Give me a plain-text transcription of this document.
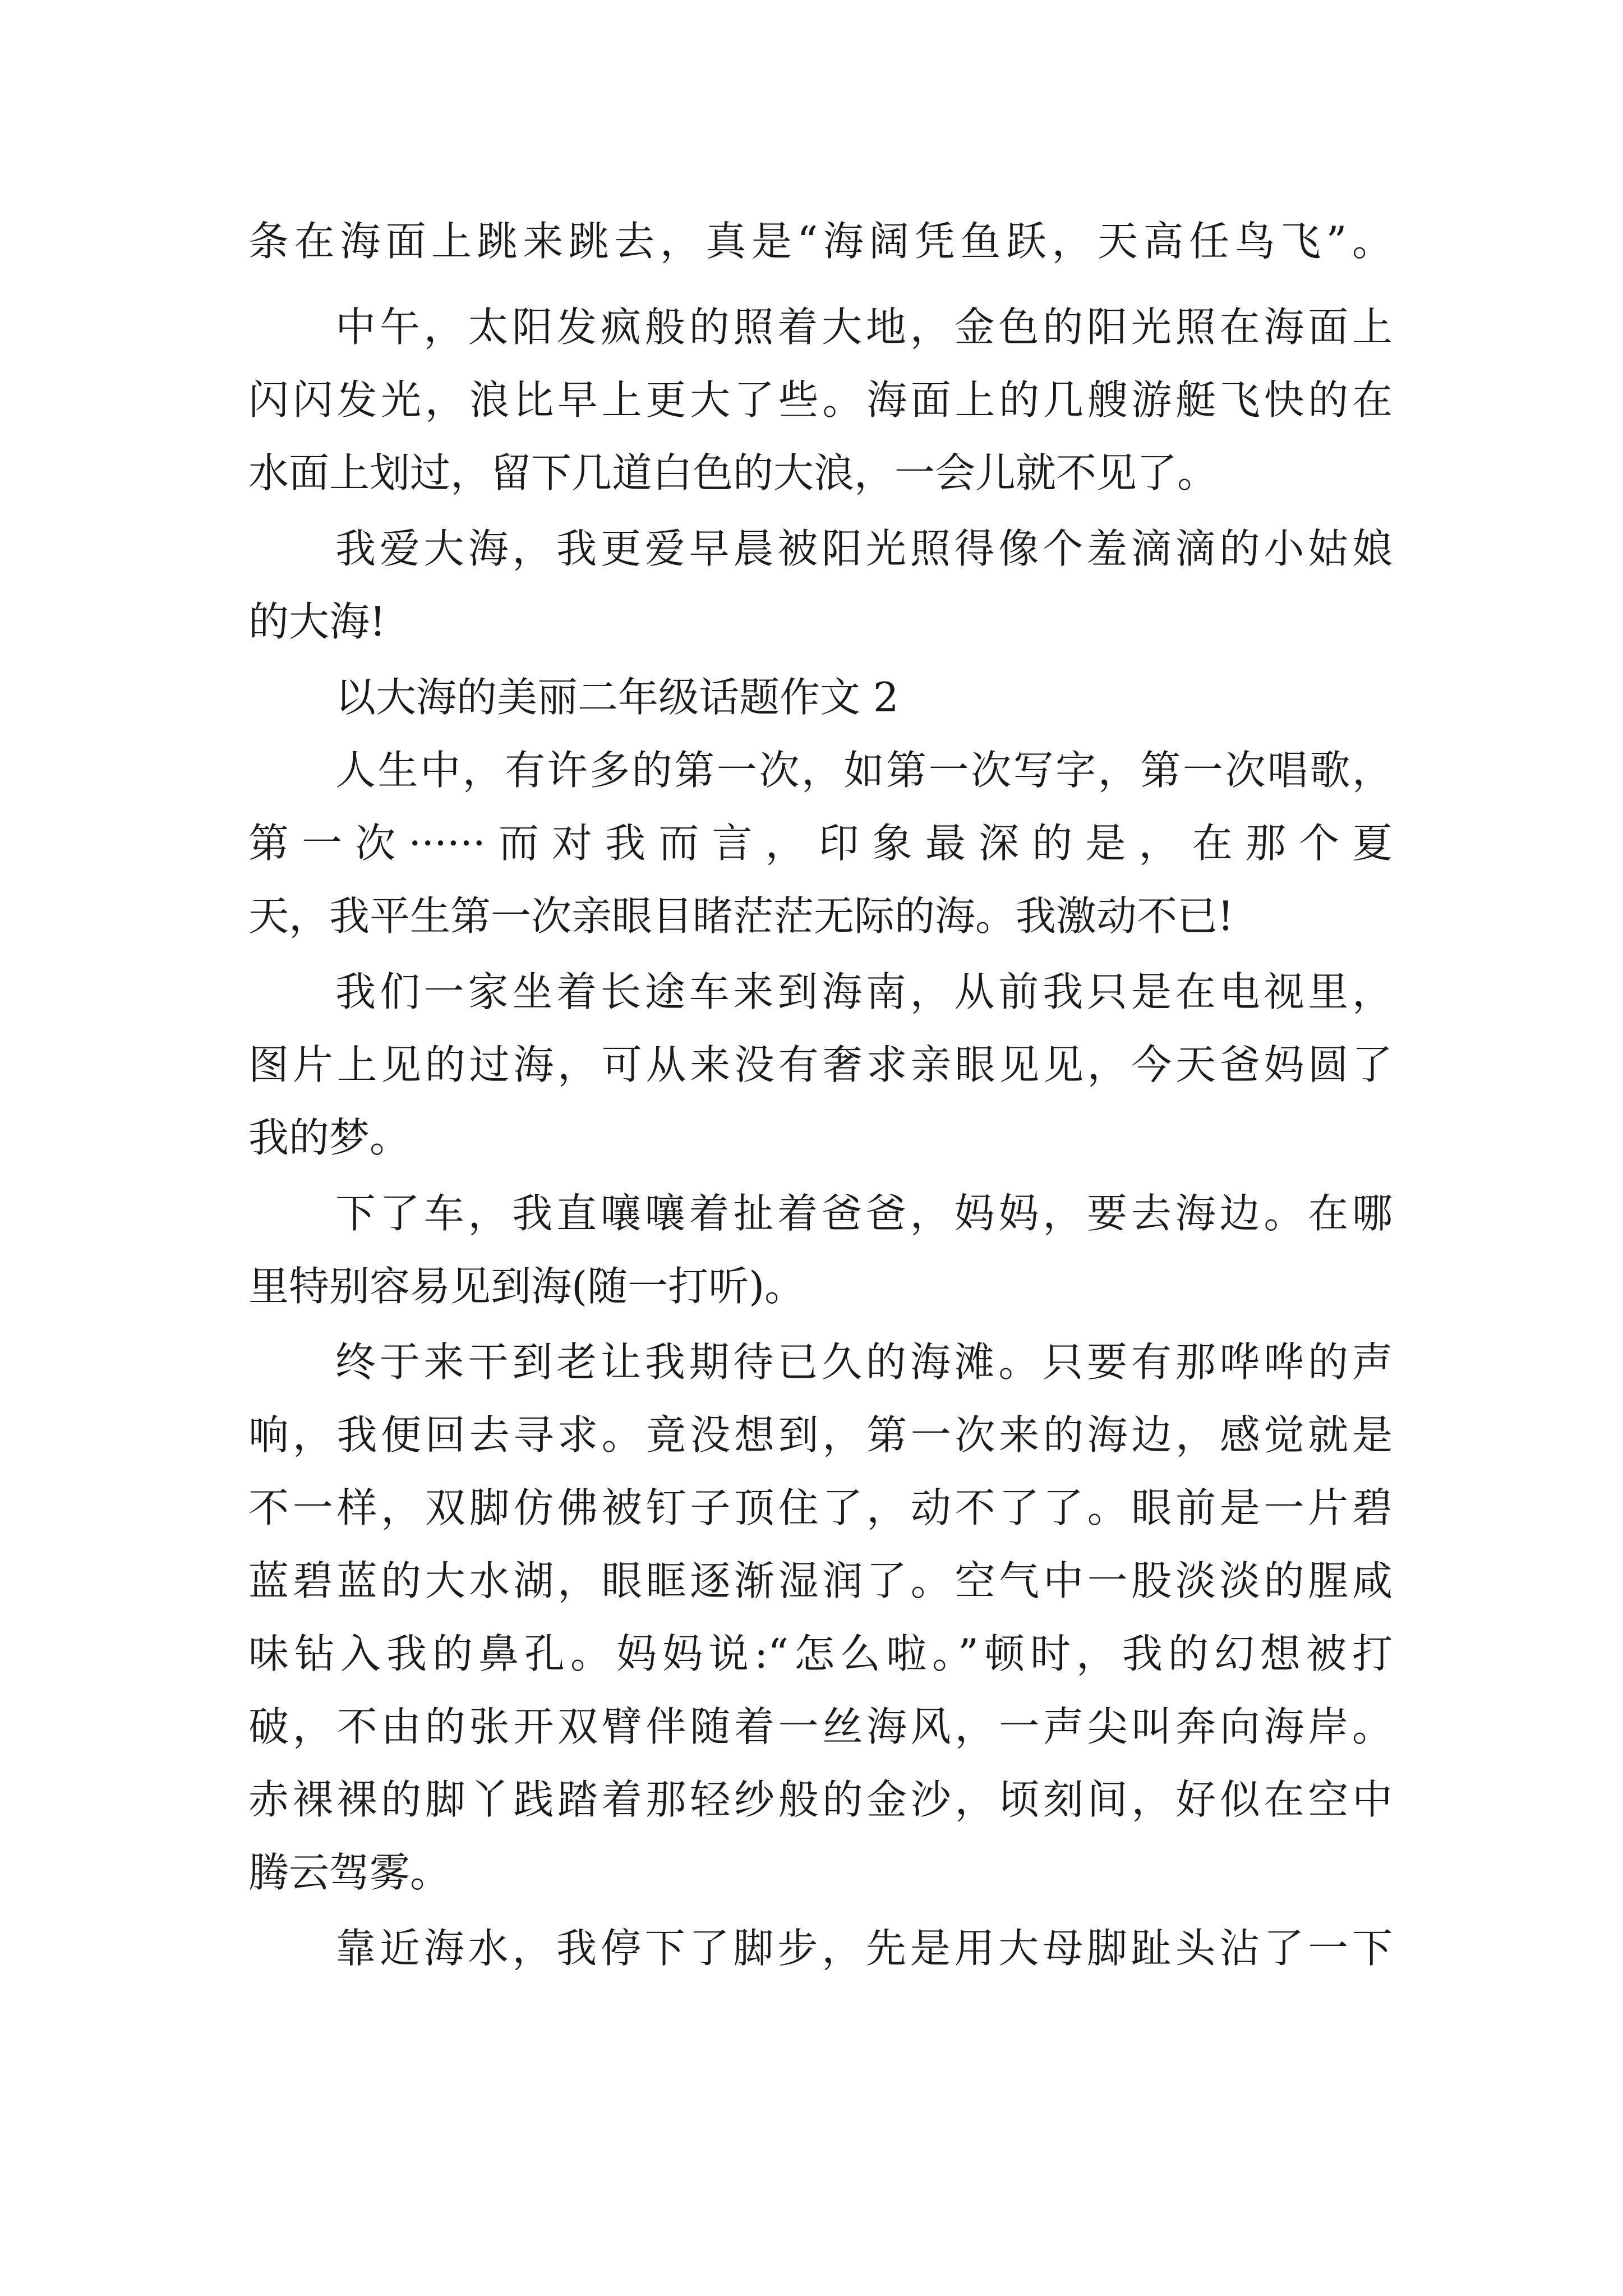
条在海面上跳来跳去，真是“海阔凭鱼跃，天高任鸟飞”。
中午，太阳发疯般的照着大地，金色的阳光照在海面上
闪闪发光，浪比早上更大了些。海面上的几艘游艇飞快的在
水面上划过，留下几道白色的大浪，一会儿就不见了。
我爱大海，我更爱早晨被阳光照得像个羞滴滴的小姑娘
的大海!
以大海的美丽二年级话题作文 2
人生中，有许多的第一次，如第一次写字，第一次唱歌，
第一次······而对我而言，印象最深的是，在那个夏
天，我平生第一次亲眼目睹茫茫无际的海。我激动不已!
我们一家坐着长途车来到海南，从前我只是在电视里，
图片上见的过海，可从来没有奢求亲眼见见，今天爸妈圆了
我的梦。
下了车，我直嚷嚷着扯着爸爸，妈妈，要去海边。在哪
里特别容易见到海(随一打听)。
终于来干到老让我期待已久的海滩。只要有那哗哗的声
响，我便回去寻求。竟没想到，第一次来的海边，感觉就是
不一样，双脚仿佛被钉子顶住了，动不了了。眼前是一片碧
蓝碧蓝的大水湖，眼眶逐渐湿润了。空气中一股淡淡的腥咸
味钻入我的鼻孔。妈妈说:“怎么啦。”顿时，我的幻想被打
破，不由的张开双臂伴随着一丝海风，一声尖叫奔向海岸。
赤裸裸的脚丫践踏着那轻纱般的金沙，顷刻间，好似在空中
腾云驾雾。
靠近海水，我停下了脚步，先是用大母脚趾头沾了一下
